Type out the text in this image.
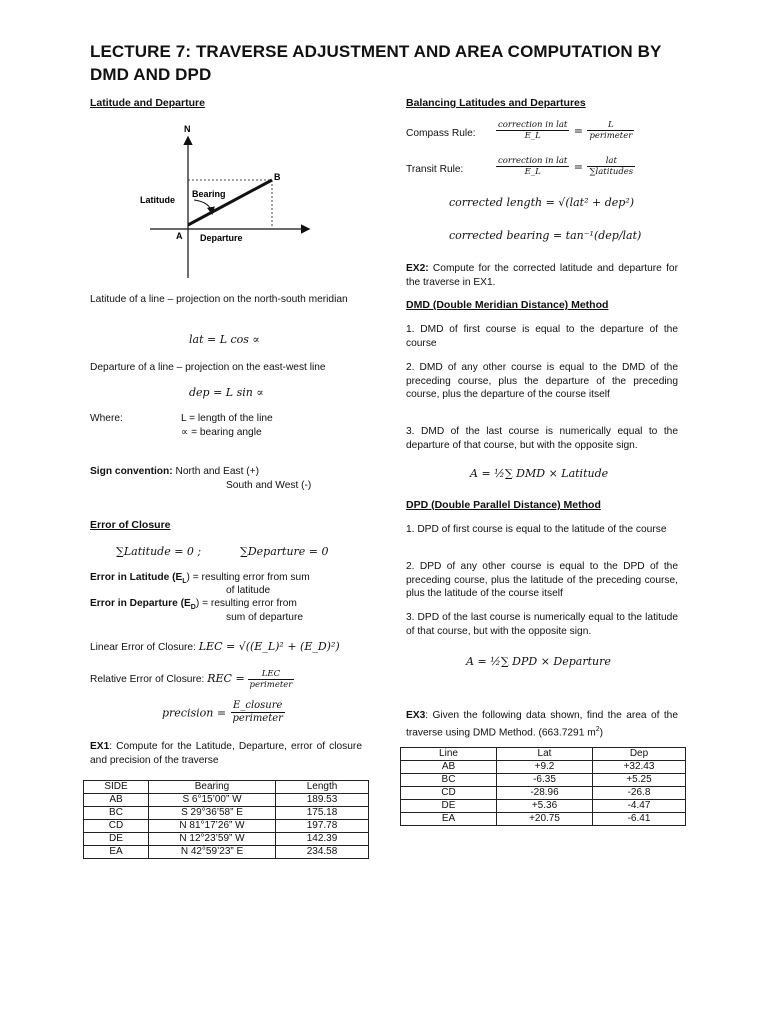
LECTURE 7: TRAVERSE ADJUSTMENT AND AREA COMPUTATION BY DMD AND DPD
Latitude and Departure
N
B
A
Bearing
Latitude
Departure
Latitude of a line – projection on the north-south meridian
lat = L cos ∝
Departure of a line – projection on the east-west line
dep = L sin ∝
Where:	L = length of the line
∝ = bearing angle
Sign convention: North and East (+)
South and West (-)
Error of Closure
∑Latitude = 0 ;	∑Departure = 0
Error in Latitude $(E_L)$ = resulting error from sum
of latitude
Error in Departure $(E_D)$ = resulting error from
sum of departure
Linear Error of Closure: LEC = √((E_L)² + (E_D)²)
Relative Error of Closure: REC = $\frac{\text{LEC}}{\text{perimeter}}$
precision = $\frac{\text{E\_closure}}{\text{perimeter}}$
EX1: Compute for the Latitude, Departure, error of closure and precision of the traverse
SIDE	Bearing	Length
AB	S 6°15’00” W	189.53
BC	S 29°36’58” E	175.18
CD	N 81°17’26” W	197.78
DE	N 12°23’59” W	142.39
EA	N 42°59’23” E	234.58
Balancing Latitudes and Departures
Compass Rule: $\frac{\text{correction in lat}}{E\_L} = \frac{L}{\text{perimeter}}$
Transit Rule:	$\frac{\text{correction in lat}}{E\_L} = \frac{\text{lat}}{\text{∑latitudes}}$
corrected length = √(lat² + dep²)
corrected bearing = tan⁻¹(dep/lat)
EX2: Compute for the corrected latitude and departure for the traverse in EX1.
DMD (Double Meridian Distance) Method
1. DMD of first course is equal to the departure of the course
2. DMD of any other course is equal to the DMD of the preceding course, plus the departure of the preceding course, plus the departure of the course itself
3. DMD of the last course is numerically equal to the departure of that course, but with the opposite sign.
A = ½∑ DMD × Latitude
DPD (Double Parallel Distance) Method
1. DPD of first course is equal to the latitude of the course
2. DPD of any other course is equal to the DPD of the preceding course, plus the latitude of the preceding course, plus the latitude of the course itself
3. DPD of the last course is numerically equal to the latitude of that course, but with the opposite sign.
A = ½∑ DPD × Departure
EX3: Given the following data shown, find the area of the traverse using DMD Method. (663.7291 $m^2$)
Line	Lat	Dep
AB	+9.2	+32.43
BC	-6.35	+5.25
CD	-28.96	-26.8
DE	+5.36	-4.47
EA	+20.75	-6.41
